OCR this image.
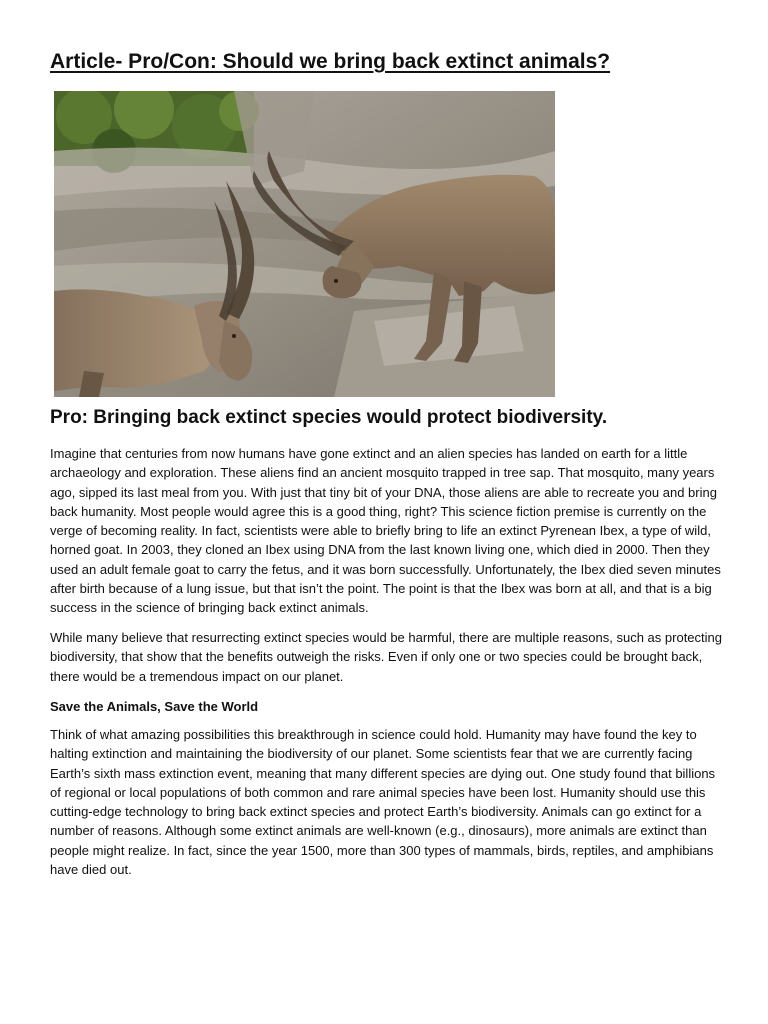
Article- Pro/Con: Should we bring back extinct animals?
Pro: Bringing back extinct species would protect biodiversity.

Imagine that centuries from now humans have gone extinct and an alien species has landed on earth for a little archaeology and exploration. These aliens find an ancient mosquito trapped in tree sap. That mosquito, many years ago, sipped its last meal from you. With just that tiny bit of your DNA, those aliens are able to recreate you and bring back humanity. Most people would agree this is a good thing, right? This science fiction premise is currently on the verge of becoming reality. In fact, scientists were able to briefly bring to life an extinct Pyrenean Ibex, a type of wild, horned goat. In 2003, they cloned an Ibex using DNA from the last known living one, which died in 2000. Then they used an adult female goat to carry the fetus, and it was born successfully. Unfortunately, the Ibex died seven minutes after birth because of a lung issue, but that isn’t the point. The point is that the Ibex was born at all, and that is a big success in the science of bringing back extinct animals.

While many believe that resurrecting extinct species would be harmful, there are multiple reasons, such as protecting biodiversity, that show that the benefits outweigh the risks. Even if only one or two species could be brought back, there would be a tremendous impact on our planet.

Save the Animals, Save the World

Think of what amazing possibilities this breakthrough in science could hold. Humanity may have found the key to halting extinction and maintaining the biodiversity of our planet. Some scientists fear that we are currently facing Earth’s sixth mass extinction event, meaning that many different species are dying out. One study found that billions of regional or local populations of both common and rare animal species have been lost. Humanity should use this cutting-edge technology to bring back extinct species and protect Earth’s biodiversity. Animals can go extinct for a number of reasons. Although some extinct animals are well-known (e.g., dinosaurs), more animals are extinct than people might realize. In fact, since the year 1500, more than 300 types of mammals, birds, reptiles, and amphibians have died out.
